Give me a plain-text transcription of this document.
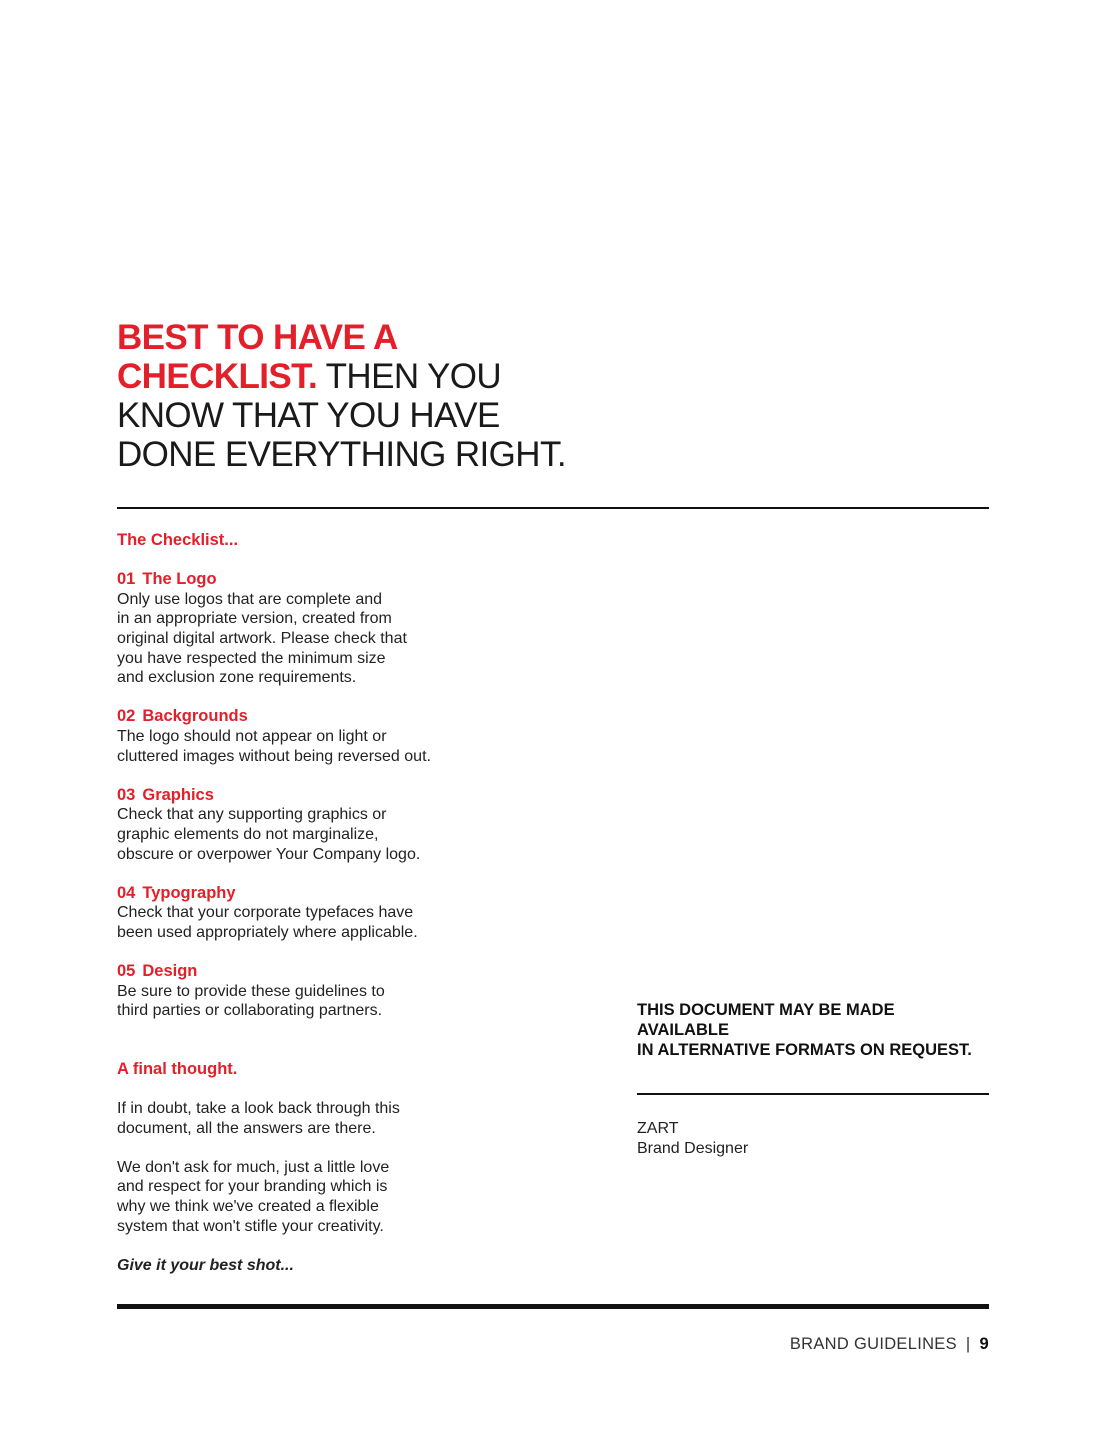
BEST TO HAVE A
CHECKLIST. THEN YOU
KNOW THAT YOU HAVE
DONE EVERYTHING RIGHT.
The Checklist...
01 The Logo
Only use logos that are complete and
in an appropriate version, created from
original digital artwork. Please check that
you have respected the minimum size
and exclusion zone requirements.
02 Backgrounds
The logo should not appear on light or
cluttered images without being reversed out.
03 Graphics
Check that any supporting graphics or
graphic elements do not marginalize,
obscure or overpower Your Company logo.
04 Typography
Check that your corporate typefaces have
been used appropriately where applicable.
05 Design
Be sure to provide these guidelines to
third parties or collaborating partners.
A final thought.
If in doubt, take a look back through this
document, all the answers are there.
We don't ask for much, just a little love
and respect for your branding which is
why we think we've created a flexible
system that won't stifle your creativity.
Give it your best shot...

THIS DOCUMENT MAY BE MADE AVAILABLE
IN ALTERNATIVE FORMATS ON REQUEST.

ZART
Brand Designer
BRAND GUIDELINES | 9
